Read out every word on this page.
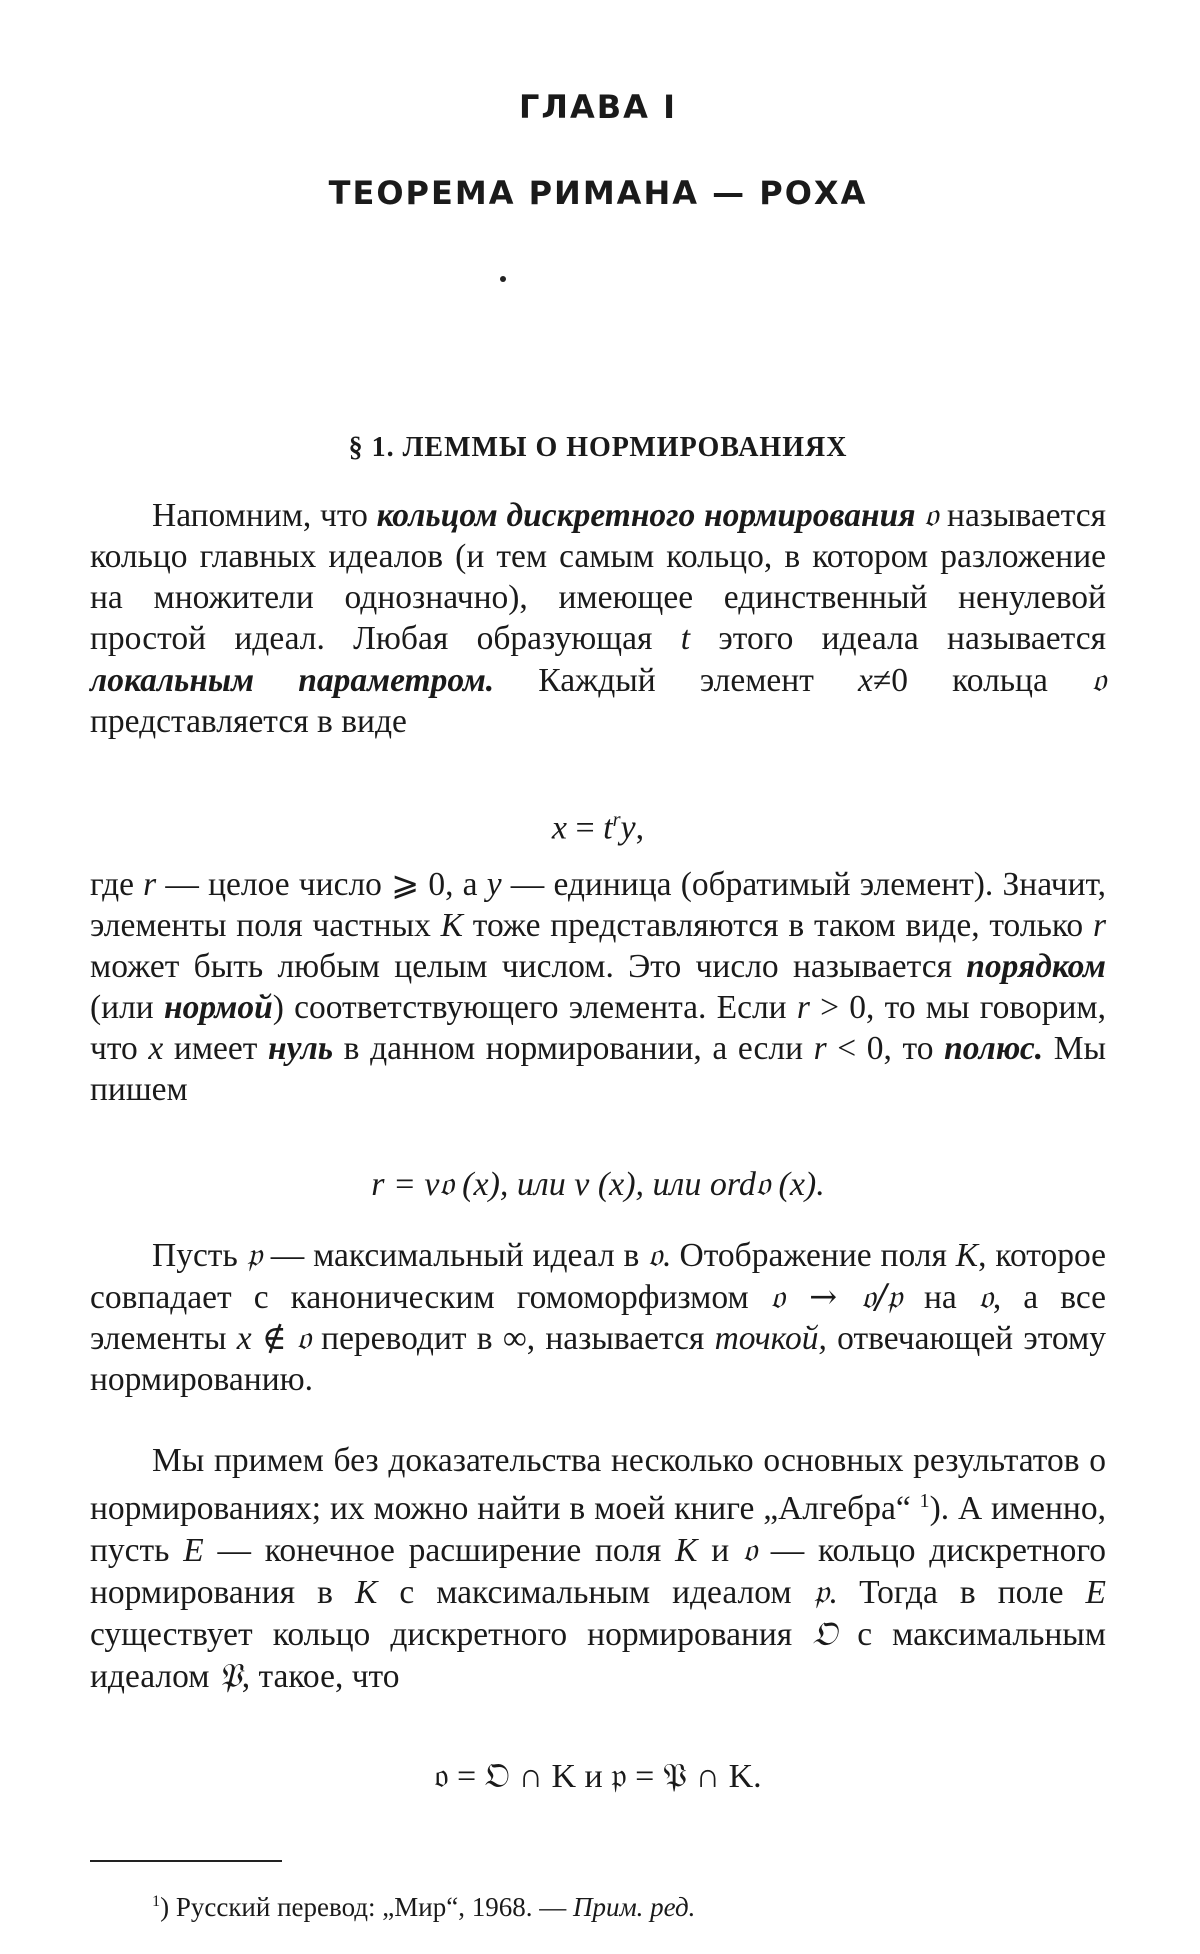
ГЛАВА I
ТЕОРЕМА РИМАНА — РОХА
§ 1. ЛЕММЫ О НОРМИРОВАНИЯХ

Напомним, что кольцом дискретного нормирования 𝔬 называется кольцо главных идеалов (и тем самым кольцо, в котором разложение на множители однозначно), имеющее единственный ненулевой простой идеал. Любая образующая t этого идеала называется локальным параметром. Каждый элемент x≠0 кольца 𝔬 представляется в виде

$x = t^ry$,

где r — целое число ⩾ 0, а y — единица (обратимый элемент). Значит, элементы поля частных K тоже представляются в таком виде, только r может быть любым целым числом. Это число называется порядком (или нормой) соответствующего элемента. Если r > 0, то мы говорим, что x имеет нуль в данном нормировании, а если r < 0, то полюс. Мы пишем

r = v𝔬 (x), или v (x), или ord𝔬 (x).

Пусть 𝔭 — максимальный идеал в 𝔬. Отображение поля K, которое совпадает с каноническим гомоморфизмом 𝔬 → 𝔬/𝔭 на 𝔬, а все элементы x ∉ 𝔬 переводит в ∞, называется точкой, отвечающей этому нормированию.

Мы примем без доказательства несколько основных результатов о нормированиях; их можно найти в моей книге „Алгебра“ $^1$). А именно, пусть E — конечное расширение поля K и 𝔬 — кольцо дискретного нормирования в K с максимальным идеалом 𝔭. Тогда в поле E существует кольцо дискретного нормирования 𝔒 с максимальным идеалом 𝔓, такое, что

𝔬 = 𝔒 ∩ K и 𝔭 = 𝔓 ∩ K.
$^1$) Русский перевод: „Мир“, 1968. — Прим. ред.
